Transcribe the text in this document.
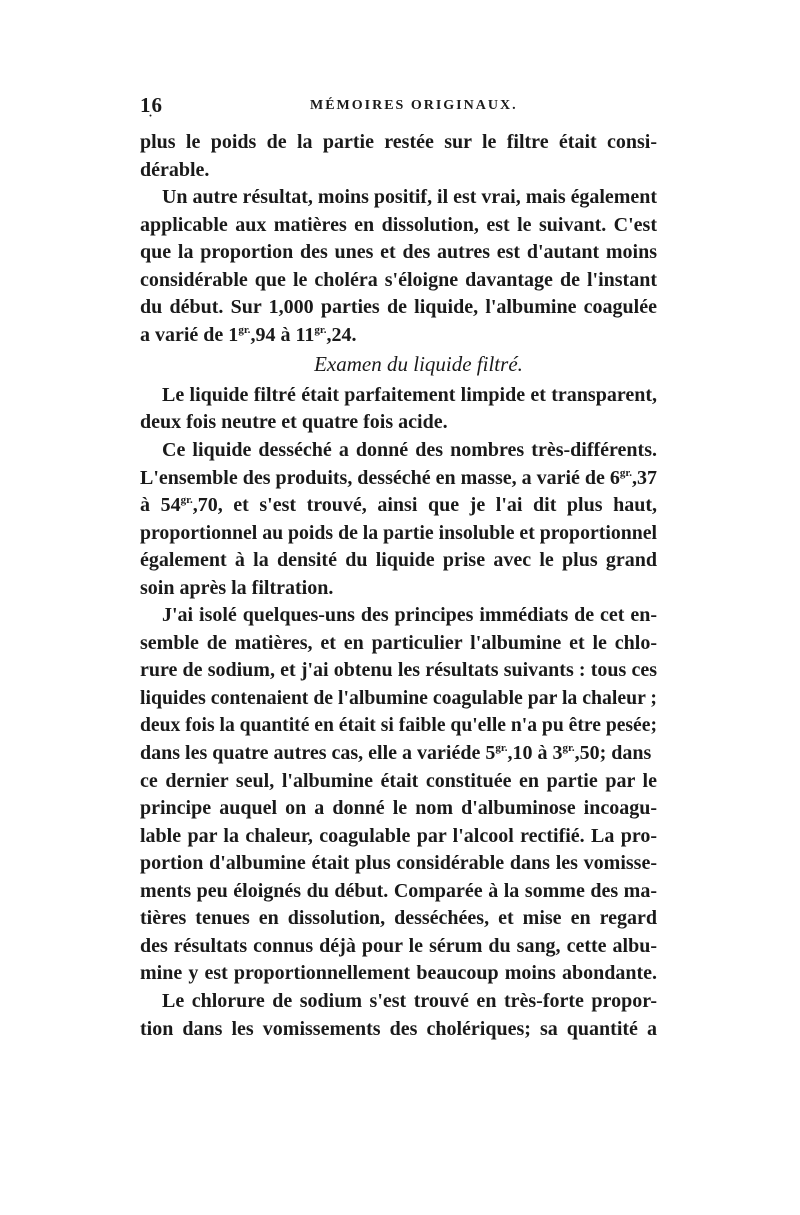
1ׅ6	MÉMOIRES ORIGINAUX.
plus le poids de la partie restée sur le filtre était consi-
dérable.
Un autre résultat, moins positif, il est vrai, mais également
applicable aux matières en dissolution, est le suivant. C'est
que la proportion des unes et des autres est d'autant moins
considérable que le choléra s'éloigne davantage de l'instant
du début. Sur 1,000 parties de liquide, l'albumine coagulée
a varié de $1^{gr.},94$ à $11^{gr.},24$.
Examen du liquide filtré.
Le liquide filtré était parfaitement limpide et transparent,
deux fois neutre et quatre fois acide.
Ce liquide desséché a donné des nombres très-différents.
L'ensemble des produits, desséché en masse, a varié de $6^{gr.},37$
à $54^{gr.},70$, et s'est trouvé, ainsi que je l'ai dit plus haut,
proportionnel au poids de la partie insoluble et proportionnel
également à la densité du liquide prise avec le plus grand
soin après la filtration.
J'ai isolé quelques-uns des principes immédiats de cet en-
semble de matières, et en particulier l'albumine et le chlo-
rure de sodium, et j'ai obtenu les résultats suivants : tous ces
liquides contenaient de l'albumine coagulable par la chaleur ;
deux fois la quantité en était si faible qu'elle n'a pu être pesée;
dans les quatre autres cas, elle a variéde $5^{gr.},10$ à $3^{gr.},50$; dans
ce dernier seul, l'albumine était constituée en partie par le
principe auquel on a donné le nom d'albuminose incoagu-
lable par la chaleur, coagulable par l'alcool rectifié. La pro-
portion d'albumine était plus considérable dans les vomisse-
ments peu éloignés du début. Comparée à la somme des ma-
tières tenues en dissolution, desséchées, et mise en regard
des résultats connus déjà pour le sérum du sang, cette albu-
mine y est proportionnellement beaucoup moins abondante.
Le chlorure de sodium s'est trouvé en très-forte propor-
tion dans les vomissements des cholériques; sa quantité a
